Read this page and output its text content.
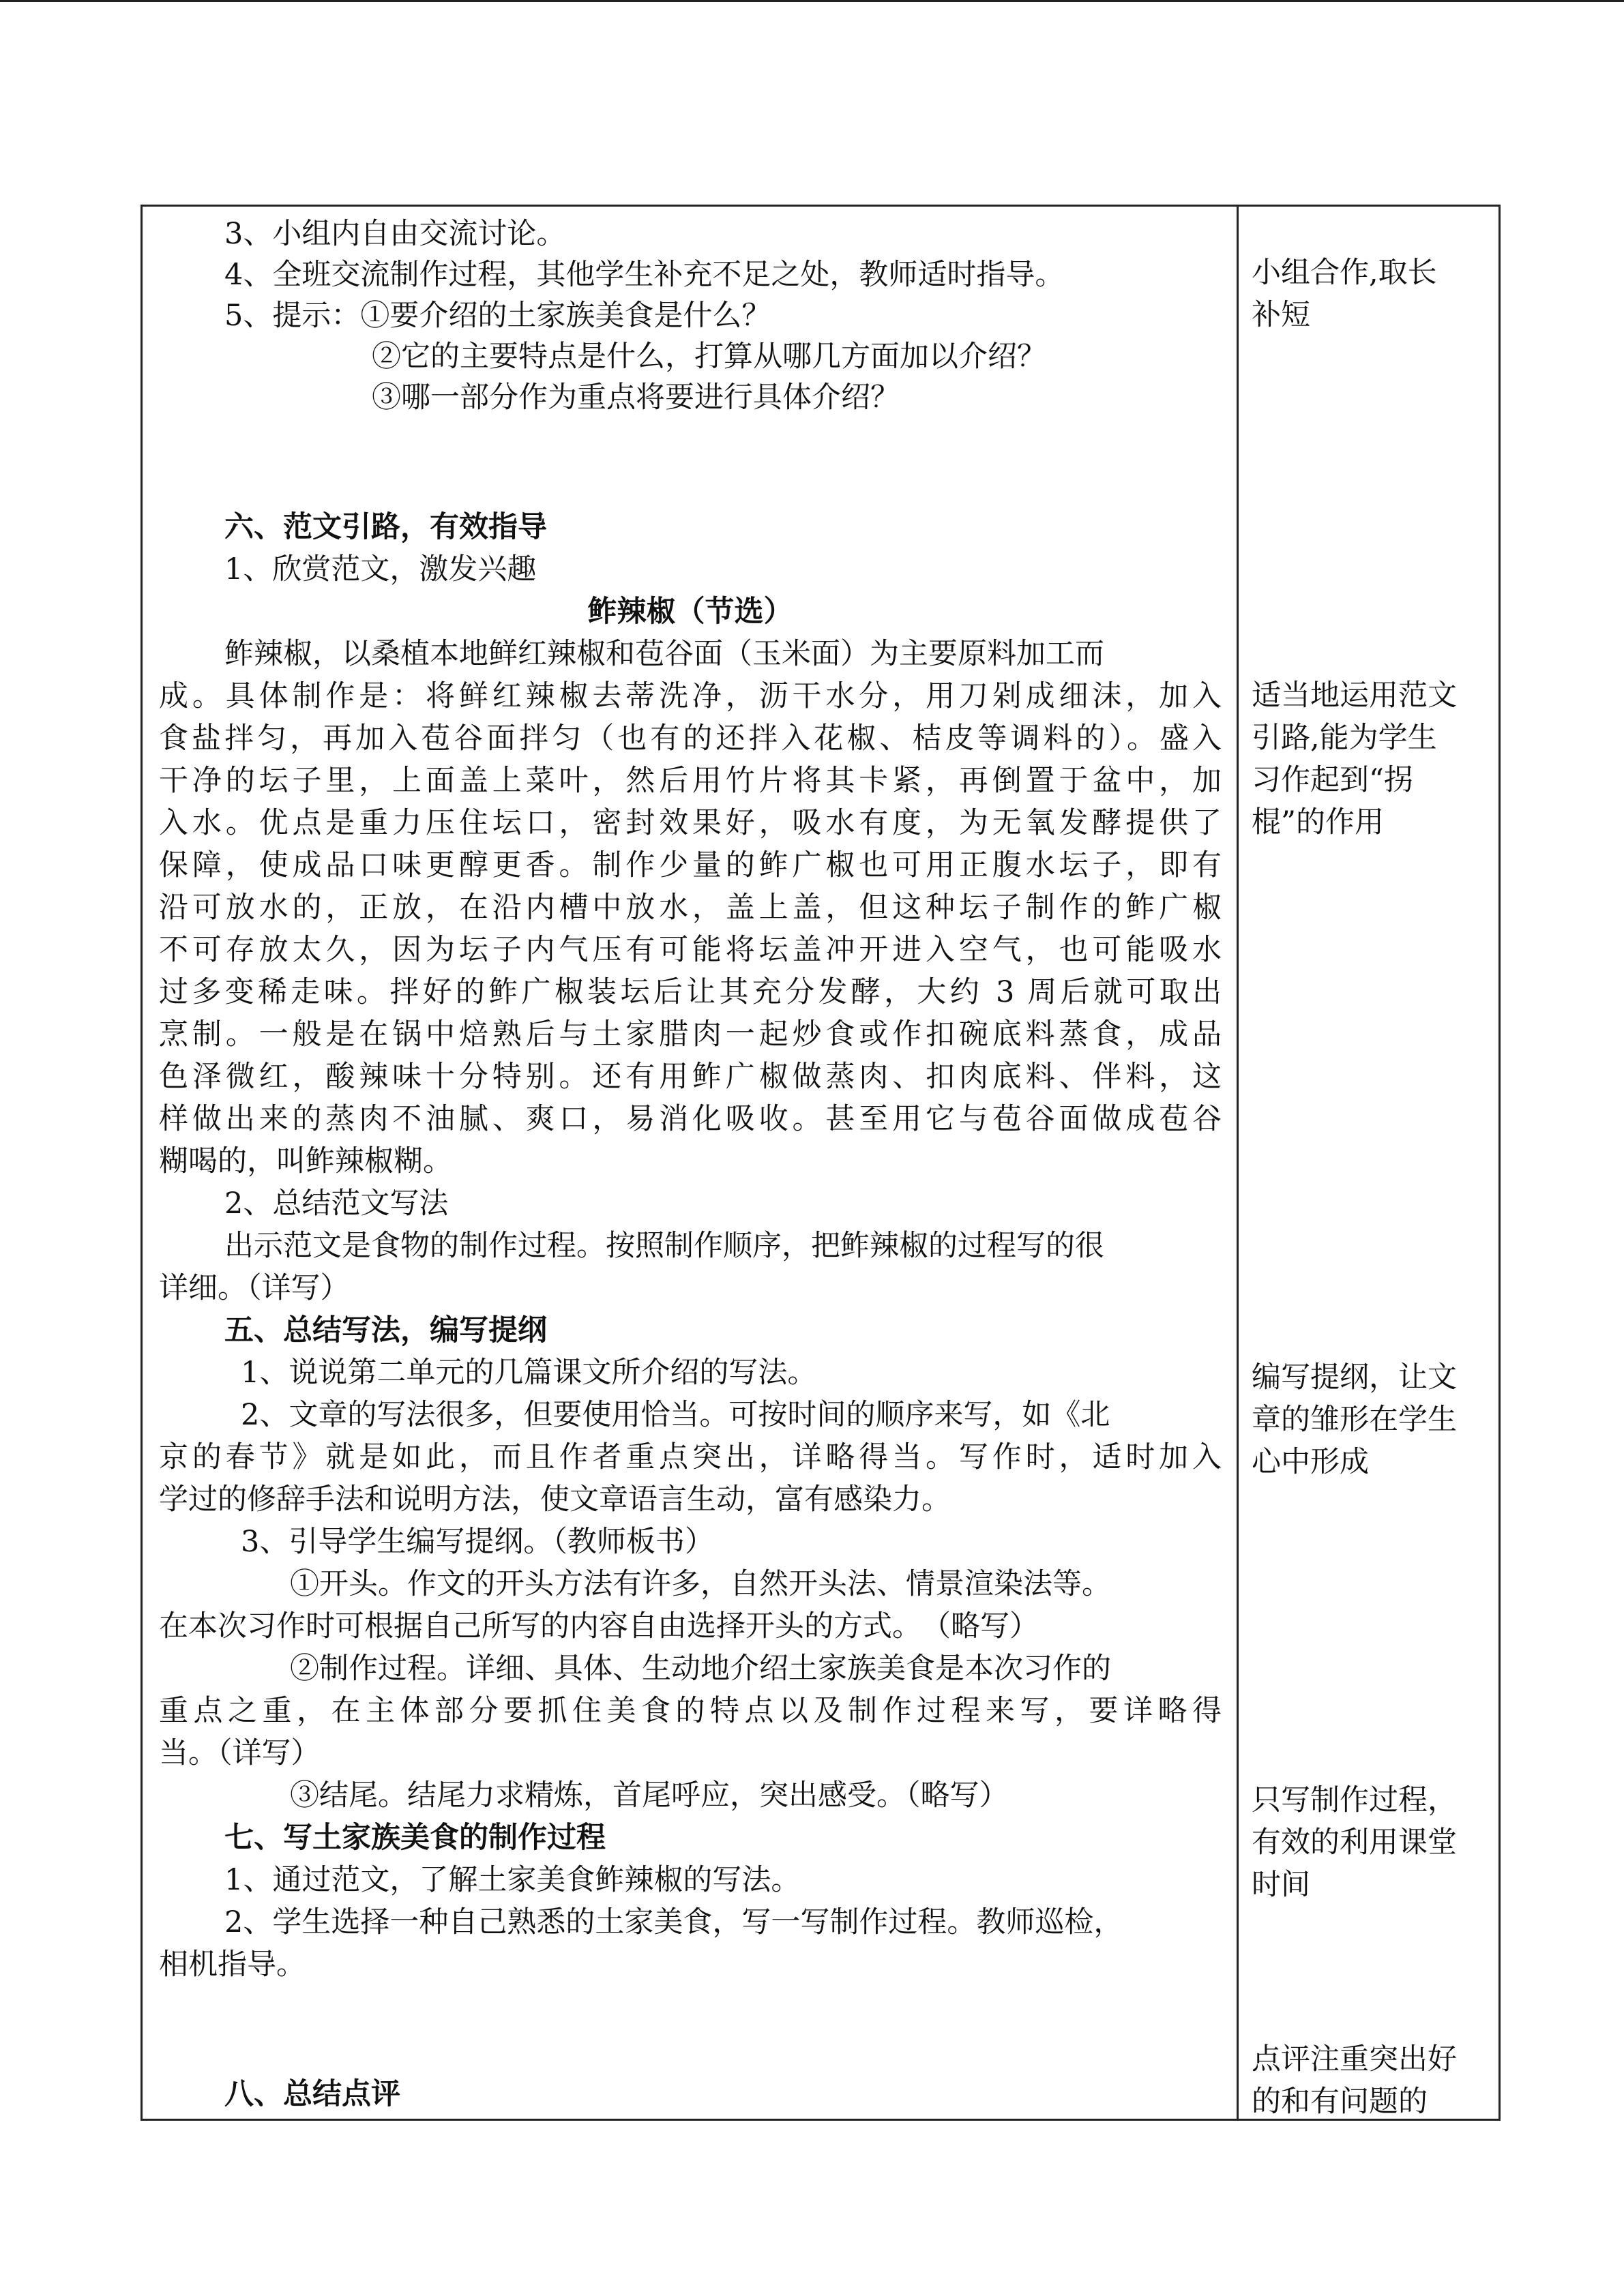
3、小组内自由交流讨论。
4、全班交流制作过程，其他学生补充不足之处，教师适时指导。
5、提示：①要介绍的土家族美食是什么？
②它的主要特点是什么，打算从哪几方面加以介绍？
③哪一部分作为重点将要进行具体介绍？
六、范文引路，有效指导
1、欣赏范文，激发兴趣
鲊辣椒（节选）
鲊辣椒，以桑植本地鲜红辣椒和苞谷面（玉米面）为主要原料加工而
成。具体制作是：将鲜红辣椒去蒂洗净，沥干水分，用刀剁成细沫，加入
食盐拌匀，再加入苞谷面拌匀（也有的还拌入花椒、桔皮等调料的）。盛入
干净的坛子里，上面盖上菜叶，然后用竹片将其卡紧，再倒置于盆中，加
入水。优点是重力压住坛口，密封效果好，吸水有度，为无氧发酵提供了
保障，使成品口味更醇更香。制作少量的鲊广椒也可用正腹水坛子，即有
沿可放水的，正放，在沿内槽中放水，盖上盖，但这种坛子制作的鲊广椒
不可存放太久，因为坛子内气压有可能将坛盖冲开进入空气，也可能吸水
过多变稀走味。拌好的鲊广椒装坛后让其充分发酵，大约 3 周后就可取出
烹制。一般是在锅中焙熟后与土家腊肉一起炒食或作扣碗底料蒸食，成品
色泽微红，酸辣味十分特别。还有用鲊广椒做蒸肉、扣肉底料、伴料，这
样做出来的蒸肉不油腻、爽口，易消化吸收。甚至用它与苞谷面做成苞谷
糊喝的，叫鲊辣椒糊。
2、总结范文写法
出示范文是食物的制作过程。按照制作顺序，把鲊辣椒的过程写的很
详细。（详写）
五、总结写法，编写提纲
1、说说第二单元的几篇课文所介绍的写法。
2、文章的写法很多，但要使用恰当。可按时间的顺序来写，如《北
京的春节》就是如此，而且作者重点突出，详略得当。写作时，适时加入
学过的修辞手法和说明方法，使文章语言生动，富有感染力。
3、引导学生编写提纲。（教师板书）
①开头。作文的开头方法有许多，自然开头法、情景渲染法等。
在本次习作时可根据自己所写的内容自由选择开头的方式。　（略写）
②制作过程。详细、具体、生动地介绍土家族美食是本次习作的
重点之重，在主体部分要抓住美食的特点以及制作过程来写，要详略得
当。（详写）
③结尾。结尾力求精炼，首尾呼应，突出感受。（略写）
七、写土家族美食的制作过程
1、通过范文，了解土家美食鲊辣椒的写法。
2、学生选择一种自己熟悉的土家美食，写一写制作过程。教师巡检，
相机指导。
八、总结点评
小组合作,取长
补短
适当地运用范文
引路,能为学生
习作起到“拐
棍”的作用
编写提纲，让文
章的雏形在学生
心中形成
只写制作过程，
有效的利用课堂
时间
点评注重突出好
的和有问题的
